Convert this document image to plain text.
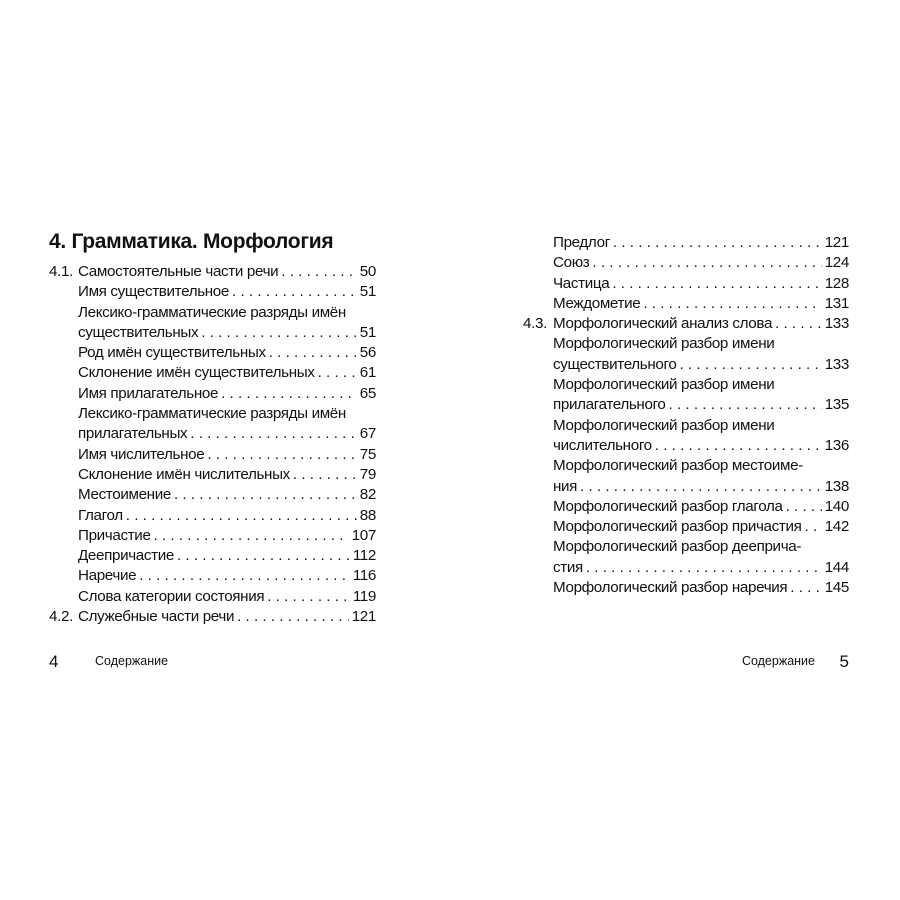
4. Грамматика. Морфология
4.1. Самостоятельные части речи . . .	50
Имя существительное . . .	51
Лексико-грамматические разряды имён
существительных . . .	51
Род имён существительных . . .	56
Склонение имён существительных . . .	61
Имя прилагательное . . .	65
Лексико-грамматические разряды имён
прилагательных . . .	67
Имя числительное . . .	75
Склонение имён числительных . . .	79
Местоимение . . .	82
Глагол . . .	88
Причастие . . .	107
Деепричастие . . .	112
Наречие . . .	116
Слова категории состояния . . .	119
4.2. Служебные части речи . . .	121
4	Содержание
Предлог . . .	121
Союз . . .	124
Частица . . .	128
Междометие . . .	131
4.3. Морфологический анализ слова . . .	133
Морфологический разбор имени
существительного . . .	133
Морфологический разбор имени
прилагательного . . .	135
Морфологический разбор имени
числительного . . .	136
Морфологический разбор местоиме-
ния . . .	138
Морфологический разбор глагола . . .	140
Морфологический разбор причастия . . . 142
Морфологический разбор дееприча-
стия . . .	144
Морфологический разбор наречия . . . 145
Содержание 5
